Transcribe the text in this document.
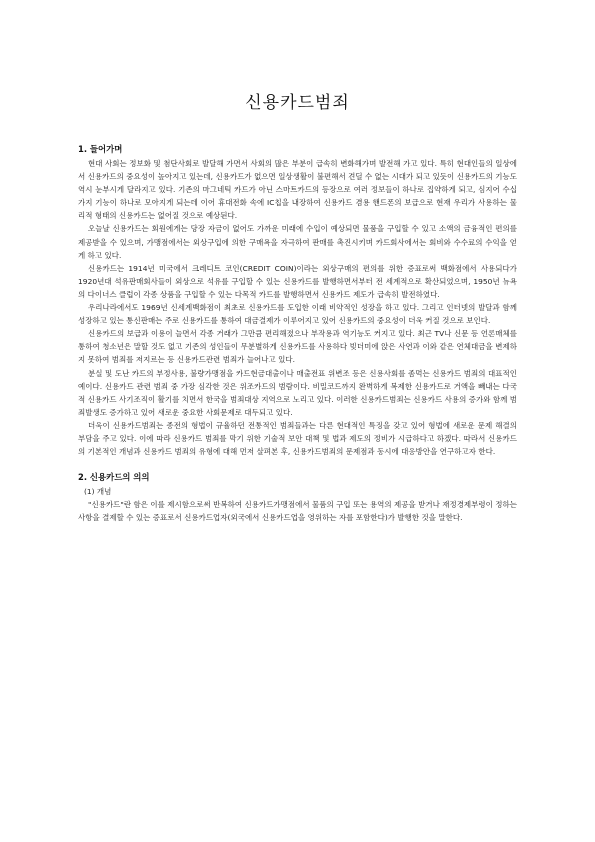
신용카드범죄
1. 들어가며

현대 사회는 정보화 및 첨단사회로 발달해 가면서 사회의 많은 부분이 급속히 변화해가며 발전해 가고 있다. 특히 현대인들의 일상에서 신용카드의 중요성이 높아지고 있는데, 신용카드가 없으면 일상생활이 불편해서 견딜 수 없는 시대가 되고 있듯이 신용카드의 기능도 역시 눈부시게 달라지고 있다. 기존의 마그네틱 카드가 아닌 스마트카드의 등장으로 여러 정보들이 하나로 집약하게 되고, 심지어 수십 가지 기능이 하나로 모아지게 되는데 이어 휴대전화 속에 IC칩을 내장하여 신용카드 겸용 핸드폰의 보급으로 현재 우리가 사용하는 물리적 형태의 신용카드는 없어질 것으로 예상된다.

오늘날 신용카드는 회원에게는 당장 자금이 없어도 가까운 미래에 수입이 예상되면 물품을 구입할 수 있고 소액의 금융적인 편의를 제공받을 수 있으며, 가맹점에서는 외상구입에 의한 구매욕을 자극하여 판매를 촉진시키며 카드회사에서는 회비와 수수료의 수익을 얻게 하고 있다.

신용카드는 1914년 미국에서 크레디트 코인(CREDIT COIN)이라는 외상구매의 편의를 위한 증표로써 백화점에서 사용되다가 1920년대 석유판매회사들이 외상으로 석유를 구입할 수 있는 신용카드를 발행하면서부터 전 세계적으로 확산되었으며, 1950년 뉴욕의 다이너스 클럽이 각종 상품을 구입할 수 있는 다목적 카드를 발행하면서 신용카드 제도가 급속히 발전하였다.

우리나라에서도 1969년 신세계백화점이 최초로 신용카드를 도입한 이래 비약적인 성장을 하고 있다. 그리고 인터넷의 발달과 함께 성장하고 있는 통신판매는 주로 신용카드를 통하여 대금결제가 이루어지고 있어 신용카드의 중요성이 더욱 커질 것으로 보인다.

신용카드의 보급과 이용이 늘면서 각종 거래가 그만큼 편리해졌으나 부작용과 역기능도 커지고 있다. 최근 TV나 신문 등 언론매체를 통하여 청소년은 말할 것도 없고 기존의 성인들이 무분별하게 신용카드를 사용하다 빚더미에 앉은 사연과 이와 같은 연체대금을 변제하지 못하여 범죄를 저지르는 등 신용카드관련 범죄가 늘어나고 있다.

분실 및 도난 카드의 부정사용, 불량가맹점을 카드현금대출이나 매출전표 위변조 등은 신용사회를 좀먹는 신용카드 범죄의 대표적인 예이다. 신용카드 관련 범죄 중 가장 심각한 것은 위조카드의 범람이다. 비밀코드까지 완벽하게 복제한 신용카드로 거액을 빼내는 다국적 신용카드 사기조직이 활기를 치면서 한국을 범죄대상 지역으로 노리고 있다. 이러한 신용카드범죄는 신용카드 사용의 증가와 함께 범죄발생도 증가하고 있어 새로운 중요한 사회문제로 대두되고 있다.

더욱이 신용카드범죄는 종전의 형법이 규율하던 전통적인 범죄들과는 다른 현대적인 특징을 갖고 있어 형법에 새로운 문제 해결의 부담을 주고 있다. 이에 따라 신용카드 범죄를 막기 위한 기술적 보안 대책 및 법과 제도의 정비가 시급하다고 하겠다. 따라서 신용카드의 기본적인 개념과 신용카드 범죄의 유형에 대해 먼저 살펴본 후, 신용카드범죄의 문제점과 동시에 대응방안을 연구하고자 한다.

2. 신용카드의 의의

(1) 개념

"신용카드"란 함은 이를 제시함으로써 반복하여 신용카드가맹점에서 물품의 구입 또는 용역의 제공을 받거나 재정경제부령이 정하는 사항을 결제할 수 있는 증표로서 신용카드업자(외국에서 신용카드업을 영위하는 자를 포함한다)가 발행한 것을 말한다.
